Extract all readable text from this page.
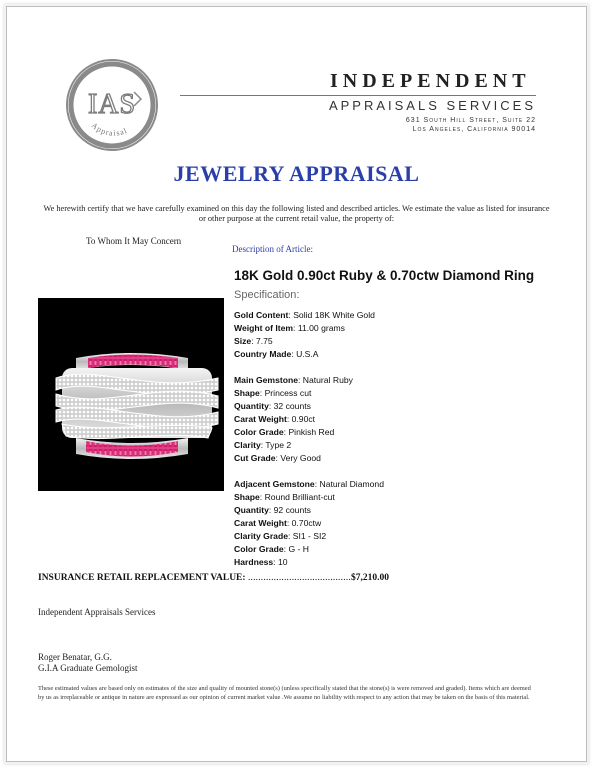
IAS
Appraisal
INDEPENDENT
APPRAISALS SERVICES
631 South Hill Street, Suite 22
Los Angeles, California 90014
JEWELRY APPRAISAL
We herewith certify that we have carefully examined on this day the following listed and described articles. We estimate the value as listed for insurance or other purpose at the current retail value, the property of:
To Whom It May Concern
Description of Article:
18K Gold 0.90ct Ruby & 0.70ctw Diamond Ring
Specification:
Gold Content: Solid 18K White Gold
Weight of Item: 11.00 grams
Size: 7.75
Country Made: U.S.A
Main Gemstone: Natural Ruby
Shape: Princess cut
Quantity: 32 counts
Carat Weight: 0.90ct
Color Grade: Pinkish Red
Clarity: Type 2
Cut Grade: Very Good
Adjacent Gemstone: Natural Diamond
Shape: Round Brilliant-cut
Quantity: 92 counts
Carat Weight: 0.70ctw
Clarity Grade: SI1 - SI2
Color Grade: G - H
Hardness: 10
INSURANCE RETAIL REPLACEMENT VALUE: ........................................$7,210.00
Independent Appraisals Services
Roger Benatar, G.G.
G.I.A Graduate Gemologist
These estimated values are based only on estimates of the size and quality of mounted stone(s) (unless specifically stated that the stone(s) is were removed and graded). Items which are deemed by us as irreplaceable or antique in nature are expressed as our opinion of current market value .We assume no liability with respect to any action that may be taken on the basis of this material.
